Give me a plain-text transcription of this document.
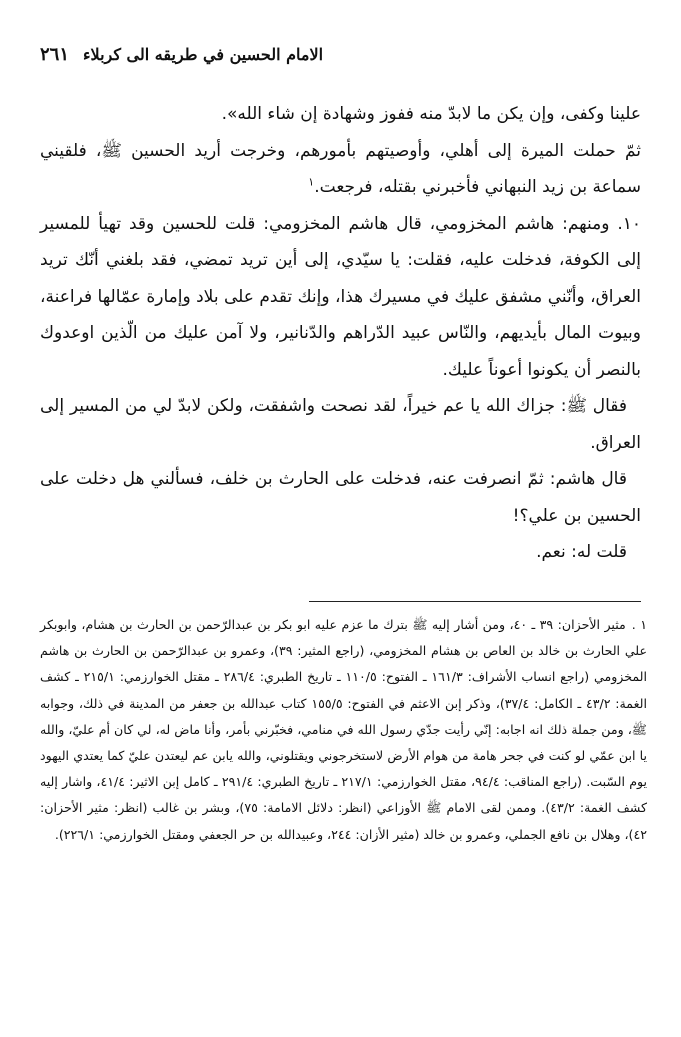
الامام الحسين في طريقه الى كربلاء
٢٦١

علينا وكفى، وإن يكن ما لابدّ منه ففوز وشهادة إن شاء الله».

ثمّ حملت الميرة إلى أهلي، وأوصيتهم بأمورهم، وخرجت أريد الحسين ﷺ، فلقيني سماعة بن زيد النبهاني فأخبرني بقتله، فرجعت.$^١$

١٠. ومنهم: هاشم المخزومي، قال هاشم المخزومي: قلت للحسين وقد تهيأ للمسير إلى الكوفة، فدخلت عليه، فقلت: يا سيّدي، إلى أين تريد تمضي، فقد بلغني أنّك تريد العراق، وأنّني مشفق عليك في مسيرك هذا، وإنك تقدم على بلاد وإمارة عمّالها فراعنة، وبيوت المال بأيديهم، والنّاس عبيد الدّراهم والدّنانير، ولا آمن عليك من الّذين اوعدوك بالنصر أن يكونوا أعوناً عليك.

فقال ﷺ: جزاك الله يا عم خيراً، لقد نصحت واشفقت، ولكن لابدّ لي من المسير إلى العراق.

قال هاشم: ثمّ انصرفت عنه، فدخلت على الحارث بن خلف، فسألني هل دخلت على الحسين بن علي؟!

قلت له: نعم.

١ .مثير الأحزان: ٣٩ ـ ٤٠، ومن أشار إليه ﷺ بترك ما عزم عليه ابو بكر بن عبدالرّحمن بن الحارث بن هشام، وابوبكر علي الحارث بن خالد بن العاص بن هشام المخزومي، (راجع المثير: ٣٩)، وعمرو بن عبدالرّحمن بن الحارث بن هاشم المخزومي (راجع انساب الأشراف: ١٦١/٣ ـ الفتوح: ١١٠/٥ ـ تاريخ الطبري: ٢٨٦/٤ ـ مقتل الخوارزمي: ٢١٥/١ ـ كشف الغمة: ٤٣/٢ ـ الكامل: ٣٧/٤)، وذكر إبن الاعثم في الفتوح: ١٥٥/٥ كتاب عبدالله بن جعفر من المدينة في ذلك، وجوابه ﷺ، ومن جملة ذلك انه اجابه: إنّي رأيت جدّي رسول الله في منامي، فخبّرني بأمر، وأنا ماض له، لي كان أم عليّ، والله يا ابن عمّي لو كنت في جحر هامة من هوام الأرض لاستخرجوني ويقتلوني، والله يابن عم ليعتدن عليّ كما يعتدي اليهود يوم السّبت. (راجع المناقب: ٩٤/٤، مقتل الخوارزمي: ٢١٧/١ ـ تاريخ الطبري: ٢٩١/٤ ـ كامل إبن الاثير: ٤١/٤، واشار إليه كشف الغمة: ٤٣/٢). وممن لقى الامام ﷺ الأوزاعي (انظر: دلائل الامامة: ٧٥)، وبشر بن غالب (انظر: مثير الأحزان: ٤٢)، وهلال بن نافع الجملي، وعمرو بن خالد (مثير الأزان: ٢٤٤، وعبيدالله بن حر الجعفي ومقتل الخوارزمي: ٢٢٦/١).
